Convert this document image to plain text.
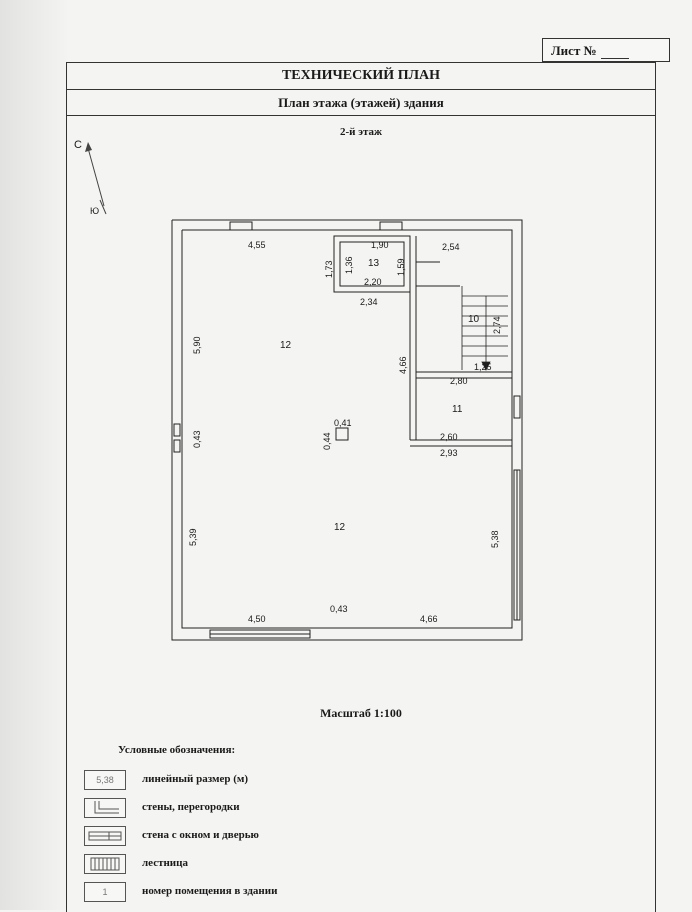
Лист №
ТЕХНИЧЕСКИЙ ПЛАН
План этажа (этажей) здания
2-й этаж
С
Ю
12
12
13
10
11
4,55	1,90	2,54
1,73 1,36	1,59
2,20
2,34
5,90
2,74
4,66	1,25
2,80
0,41
0,43	0,44	2,60
2,93
5,39	5,38
4,50
0,43
4,66
Масштаб 1:100
Условные обозначения:
5,38	линейный размер (м)
стены, перегородки
стена с окном и дверью
лестница
1	номер помещения в здании
